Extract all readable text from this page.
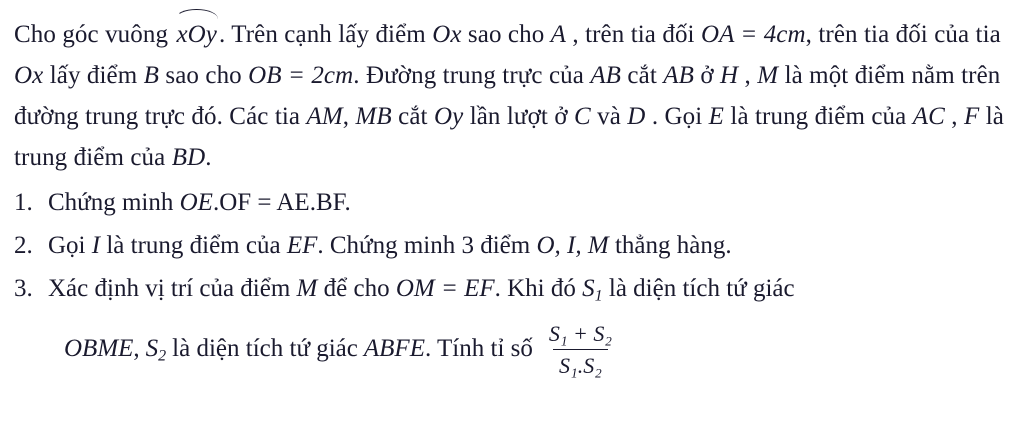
Cho góc vuông xOy. Trên cạnh lấy điểm Ox sao cho A , trên tia đối OA = 4cm, trên tia đối của tia Ox lấy điểm B sao cho OB = 2cm. Đường trung trực của AB cắt AB ở H , M là một điểm nằm trên đường trung trực đó. Các tia AM, MB cắt Oy lần lượt ở C và D . Gọi E là trung điểm của AC , F là trung điểm của BD.
1. Chứng minh OE.OF = AE.BF.
2. Gọi I là trung điểm của EF. Chứng minh 3 điểm O, I, M thẳng hàng.
3. Xác định vị trí của điểm M để cho OM = EF. Khi đó $S_1$ là diện tích tứ giác
OBME , $S_2$ là diện tích tứ giác ABFE . Tính tỉ số $\frac{\text{S₁ + S₂}}{\text{S₁.S₂}}$
